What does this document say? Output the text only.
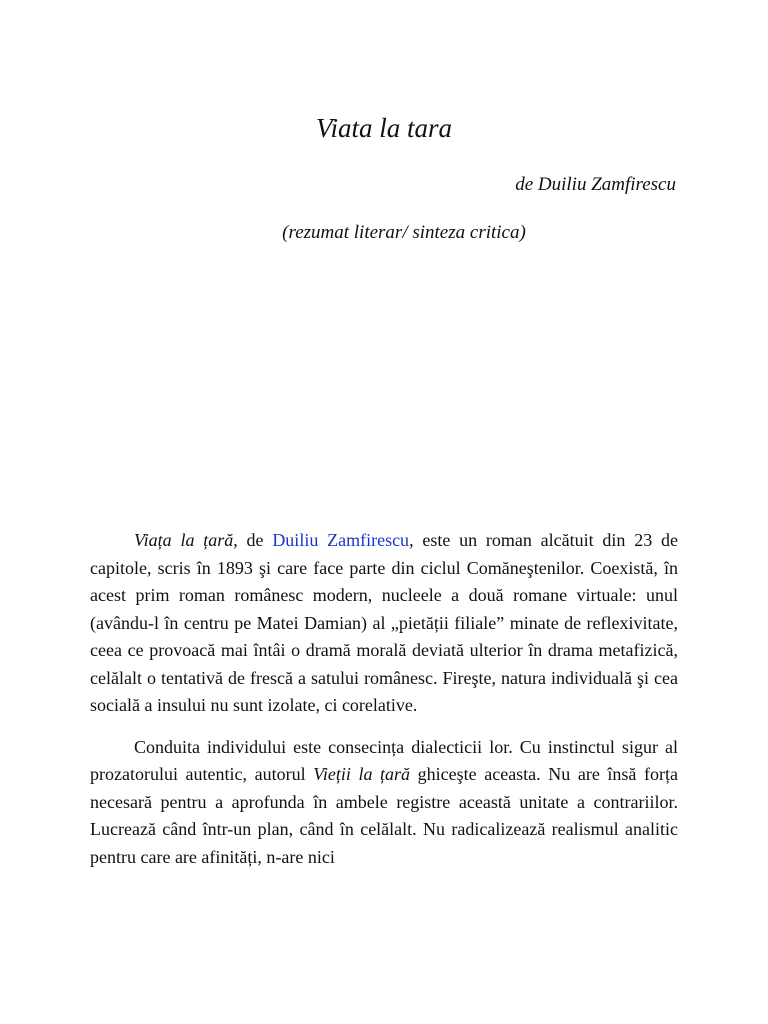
Viata la tara
de Duiliu Zamfirescu
(rezumat literar/ sinteza critica)

Viața la țară, de Duiliu Zamfirescu, este un roman alcătuit din 23 de capitole, scris în 1893 şi care face parte din ciclul Comăneştenilor. Coexistă, în acest prim roman românesc modern, nucleele a două romane virtuale: unul (avându-l în centru pe Matei Damian) al „pietății filiale” minate de reflexivitate, ceea ce provoacă mai întâi o dramă morală deviată ulterior în drama metafizică, celălalt o tentativă de frescă a satului românesc. Fireşte, natura individuală şi cea socială a insului nu sunt izolate, ci corelative.

Conduita individului este consecința dialecticii lor. Cu instinctul sigur al prozatorului autentic, autorul Vieții la țară ghiceşte aceasta. Nu are însă forța necesară pentru a aprofunda în ambele registre această unitate a contrariilor. Lucrează când într-un plan, când în celălalt. Nu radicalizează realismul analitic pentru care are afinități, n-are nici
